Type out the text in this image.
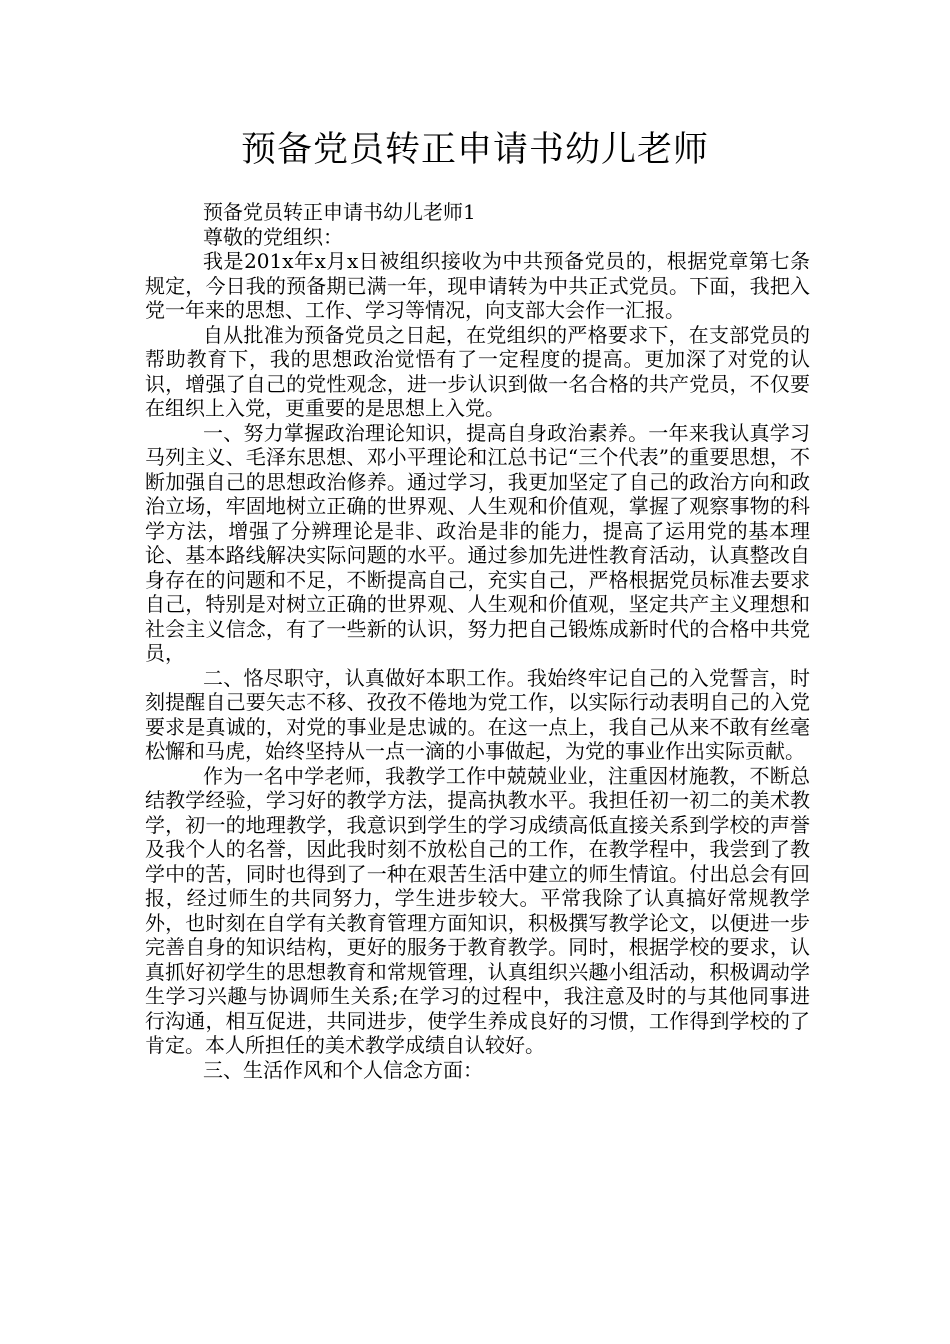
预备党员转正申请书幼儿老师

预备党员转正申请书幼儿老师1

尊敬的党组织：

我是201x年x月x日被组织接收为中共预备党员的，根据党章第七条规定，今日我的预备期已满一年，现申请转为中共正式党员。下面，我把入党一年来的思想、工作、学习等情况，向支部大会作一汇报。

自从批准为预备党员之日起，在党组织的严格要求下，在支部党员的帮助教育下，我的思想政治觉悟有了一定程度的提高。更加深了对党的认识，增强了自己的党性观念，进一步认识到做一名合格的共产党员，不仅要在组织上入党，更重要的是思想上入党。

一、努力掌握政治理论知识，提高自身政治素养。一年来我认真学习马列主义、毛泽东思想、邓小平理论和江总书记“三个代表”的重要思想，不断加强自己的思想政治修养。通过学习，我更加坚定了自己的政治方向和政治立场，牢固地树立正确的世界观、人生观和价值观，掌握了观察事物的科学方法，增强了分辨理论是非、政治是非的能力，提高了运用党的基本理论、基本路线解决实际问题的水平。通过参加先进性教育活动，认真整改自身存在的问题和不足，不断提高自己，充实自己，严格根据党员标准去要求自己，特别是对树立正确的世界观、人生观和价值观，坚定共产主义理想和社会主义信念，有了一些新的认识，努力把自己锻炼成新时代的合格中共党员，

二、恪尽职守，认真做好本职工作。我始终牢记自己的入党誓言，时刻提醒自己要矢志不移、孜孜不倦地为党工作，以实际行动表明自己的入党要求是真诚的，对党的事业是忠诚的。在这一点上，我自己从来不敢有丝毫松懈和马虎，始终坚持从一点一滴的小事做起，为党的事业作出实际贡献。

作为一名中学老师，我教学工作中兢兢业业，注重因材施教，不断总结教学经验，学习好的教学方法，提高执教水平。我担任初一初二的美术教学，初一的地理教学，我意识到学生的学习成绩高低直接关系到学校的声誉及我个人的名誉，因此我时刻不放松自己的工作，在教学程中，我尝到了教学中的苦，同时也得到了一种在艰苦生活中建立的师生情谊。付出总会有回报，经过师生的共同努力，学生进步较大。平常我除了认真搞好常规教学外，也时刻在自学有关教育管理方面知识，积极撰写教学论文，以便进一步完善自身的知识结构，更好的服务于教育教学。同时，根据学校的要求，认真抓好初学生的思想教育和常规管理，认真组织兴趣小组活动，积极调动学生学习兴趣与协调师生关系;在学习的过程中，我注意及时的与其他同事进行沟通，相互促进，共同进步，使学生养成良好的习惯，工作得到学校的了肯定。本人所担任的美术教学成绩自认较好。

三、生活作风和个人信念方面：
